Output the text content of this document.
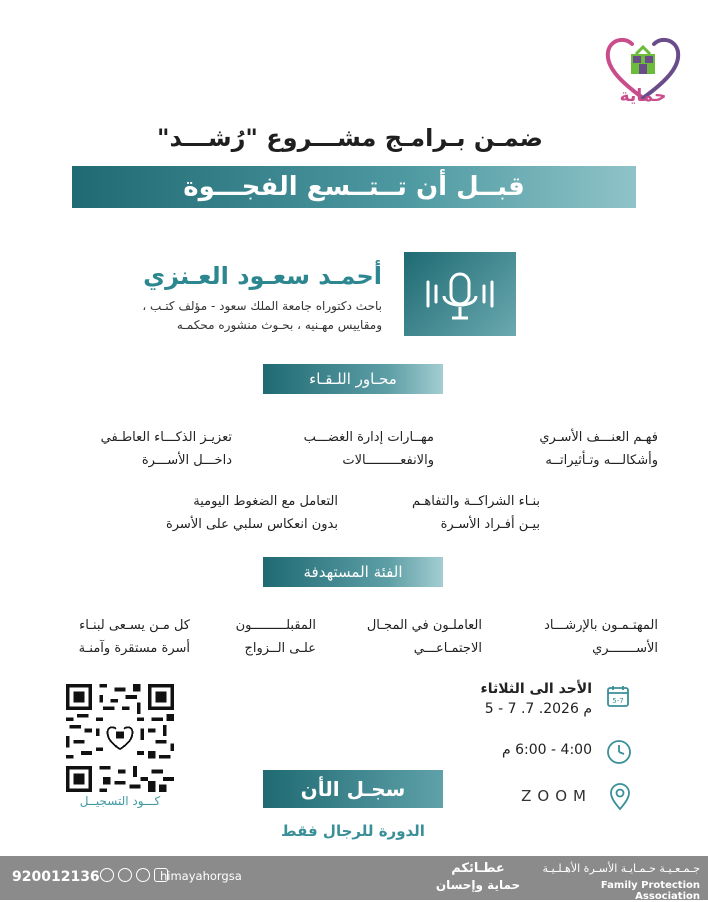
حماية
ضمـن بـرامـج مشـــروع "رُشـــد"
قبــل أن تــتــسع الفجـــوة
أحمـد سعـود العـنزي
باحث دكتوراه جامعة الملك سعود - مؤلف كتـب ،
ومقاييس مهـنيه ، بحـوث منشوره محكمـه
محـاور اللـقـاء
فهـم العنـــف الأسـري
وأشكالـــه وتـأثيراتــه
مهــارات إدارة الغضـــب
والانفعـــــــــالات
تعزيـز الذكـــاء العاطـفي
داخـــل الأســـرة
بنـاء الشراكــة والتفاهـم
بيـن أفـراد الأسـرة
التعامل مع الضغوط اليومية
بدون انعكاس سلبي على الأسرة
الفئة المستهدفة
المهتـمـون بالإرشـــاد
الأســـــــري
العاملـون في المجـال
الاجتمـاعـــي
المقبلـــــــــون
علـى الــزواج
كل مـن يسـعى لبنـاء
أسرة مستقرة وآمنـة
5-7
الأحد الى الثلاثاء
5 - 7 .7 .2026 م
4:00 - 6:00 م
ZOOM
كـــود التسجيــل	سجـل الأن
الدورة للرجال فقط
920012136	himayahorgsa	عطـائكم
حماية وإحسان
جـمـعـيـة حـمـايـة الأسـرة الأهـلـيـة
Family Protection Association
